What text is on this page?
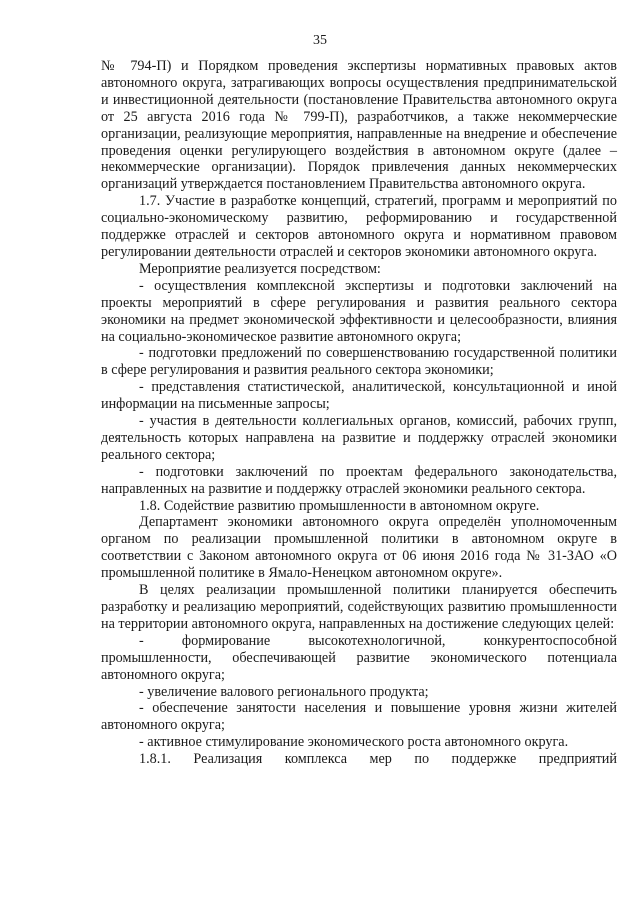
35

№ 794-П) и Порядком проведения экспертизы нормативных правовых актов автономного округа, затрагивающих вопросы осуществления предпринимательской и инвестиционной деятельности (постановление Правительства автономного округа от 25 августа 2016 года № 799-П), разработчиков, а также некоммерческие организации, реализующие мероприятия, направленные на внедрение и обеспечение проведения оценки регулирующего воздействия в автономном округе (далее – некоммерческие организации). Порядок привлечения данных некоммерческих организаций утверждается постановлением Правительства автономного округа.

1.7. Участие в разработке концепций, стратегий, программ и мероприятий по социально-экономическому развитию, реформированию и государственной поддержке отраслей и секторов автономного округа и нормативном правовом регулировании деятельности отраслей и секторов экономики автономного округа.

Мероприятие реализуется посредством:

- осуществления комплексной экспертизы и подготовки заключений на проекты мероприятий в сфере регулирования и развития реального сектора экономики на предмет экономической эффективности и целесообразности, влияния на социально-экономическое развитие автономного округа;

- подготовки предложений по совершенствованию государственной политики в сфере регулирования и развития реального сектора экономики;

- представления статистической, аналитической, консультационной и иной информации на письменные запросы;

- участия в деятельности коллегиальных органов, комиссий, рабочих групп, деятельность которых направлена на развитие и поддержку отраслей экономики реального сектора;

- подготовки заключений по проектам федерального законодательства, направленных на развитие и поддержку отраслей экономики реального сектора.

1.8. Содействие развитию промышленности в автономном округе.

Департамент экономики автономного округа определён уполномоченным органом по реализации промышленной политики в автономном округе в соответствии с Законом автономного округа от 06 июня 2016 года № 31-ЗАО «О промышленной политике в Ямало-Ненецком автономном округе».

В целях реализации промышленной политики планируется обеспечить разработку и реализацию мероприятий, содействующих развитию промышленности на территории автономного округа, направленных на достижение следующих целей:

- формирование высокотехнологичной, конкурентоспособной промышленности, обеспечивающей развитие экономического потенциала автономного округа;

- увеличение валового регионального продукта;

- обеспечение занятости населения и повышение уровня жизни жителей автономного округа;

- активное стимулирование экономического роста автономного округа.

1.8.1. Реализация комплекса мер по поддержке предприятий
